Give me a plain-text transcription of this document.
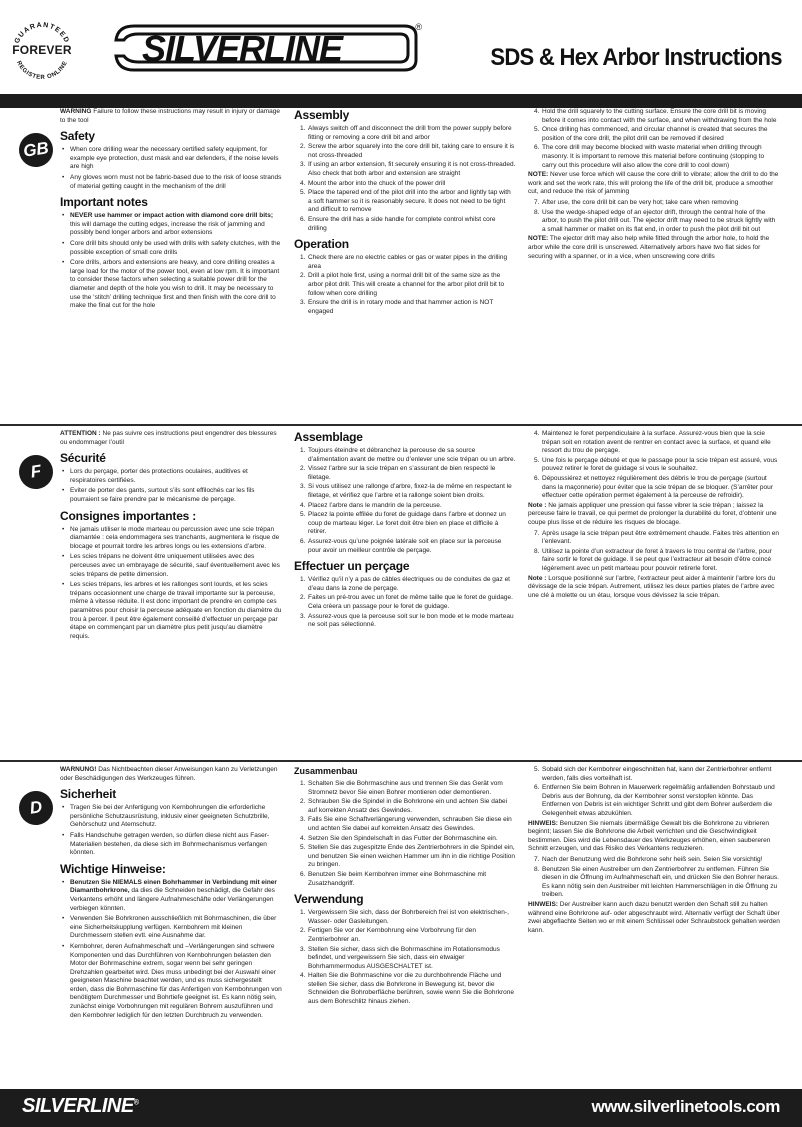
GUARANTEED
REGISTER ONLINE
FOREVER SILVERLINE
®
SDS & Hex Arbor Instructions
GB
WARNING Failure to follow these instructions may result in injury or damage to the tool
Safety
• When core drilling wear the necessary certified safety equipment, for example eye protection, dust mask and ear defenders, if the noise levels are high
• Any gloves worn must not be fabric-based due to the risk of loose strands of material getting caught in the mechanism of the drill
Important notes
• NEVER use hammer or impact action with diamond core drill bits; this will damage the cutting edges, increase the risk of jamming and possibly bend longer arbors and arbor extensions
• Core drill bits should only be used with drills with safety clutches, with the possible exception of small core drills
• Core drills, arbors and extensions are heavy, and core drilling creates a large load for the motor of the power tool, even at low rpm. It is important to consider these factors when selecting a suitable power drill for the diameter and depth of the hole you wish to drill. It may be necessary to use the ‘stitch’ drilling technique first and then finish with the core drill to make the final cut for the hole
Assembly
1. Always switch off and disconnect the drill from the power supply before fitting or removing a core drill bit and arbor
2. Screw the arbor squarely into the core drill bit, taking care to ensure it is not cross-threaded
3. If using an arbor extension, fit securely ensuring it is not cross-threaded. Also check that both arbor and extension are straight
4. Mount the arbor into the chuck of the power drill
5. Place the tapered end of the pilot drill into the arbor and lightly tap with a soft hammer so it is reasonably secure. It does not need to be tight and difficult to remove
6. Ensure the drill has a side handle for complete control whilst core drilling
Operation
1. Check there are no electric cables or gas or water pipes in the drilling area
2. Drill a pilot hole first, using a normal drill bit of the same size as the arbor pilot drill. This will create a channel for the arbor pilot drill bit to follow when core drilling
3. Ensure the drill is in rotary mode and that hammer action is NOT engaged
4. Hold the drill squarely to the cutting surface. Ensure the core drill bit is moving before it comes into contact with the surface, and when withdrawing from the hole
5. Once drilling has commenced, and circular channel is created that secures the position of the core drill, the pilot drill can be removed if desired
6. The core drill may become blocked with waste material when drilling through masonry. It is important to remove this material before continuing (stopping to carry out this procedure will also allow the core drill to cool down)
NOTE: Never use force which will cause the core drill to vibrate; allow the drill to do the work and set the work rate, this will prolong the life of the drill bit, produce a smoother cut, and reduce the risk of jamming
7. After use, the core drill bit can be very hot; take care when removing
8. Use the wedge-shaped edge of an ejector drift, through the central hole of the arbor, to push the pilot drill out. The ejector drift may need to be struck lightly with a small hammer or mallet on its flat end, in order to push the pilot drill bit out
NOTE: The ejector drift may also help while fitted through the arbor hole, to hold the arbor while the core drill is unscrewed. Alternatively arbors have two flat sides for securing with a spanner, or in a vice, when unscrewing core drills
F
ATTENTION : Ne pas suivre ces instructions peut engendrer des blessures ou endommager l’outil
Sécurité
• Lors du perçage, porter des protections oculaires, auditives et respiratoires certifiées.
• Eviter de porter des gants, surtout s’ils sont effilochés car les fils pourraient se faire prendre par le mécanisme de perçage.
Consignes importantes :
• Ne jamais utiliser le mode marteau ou percussion avec une scie trépan diamantée : cela endommagera ses tranchants, augmentera le risque de blocage et pourrait tordre les arbres longs ou les extensions d’arbre.
• Les scies trépans ne doivent être uniquement utilisées avec des perceuses avec un embrayage de sécurité, sauf éventuellement avec les scies trépans de petite dimension.
• Les scies trépans, les arbres et les rallonges sont lourds, et les scies trépans occasionnent une charge de travail importante sur la perceuse, même à vitesse réduite. Il est donc important de prendre en compte ces paramètres pour choisir la perceuse adéquate en fonction du diamètre du trou à percer. Il peut être également conseillé d’effectuer un perçage par étape en commençant par un diamètre plus petit jusqu’au diamètre requis.
Assemblage
1. Toujours éteindre et débranchez la perceuse de sa source d’alimentation avant de mettre ou d’enlever une scie trépan ou un arbre.
2. Vissez l’arbre sur la scie trépan en s’assurant de bien respecté le filetage.
3. Si vous utilisez une rallonge d’arbre, fixez-la de même en respectant le filetage, et vérifiez que l’arbre et la rallonge soient bien droits.
4. Placez l’arbre dans le mandrin de la perceuse.
5. Placez la pointe effilée du foret de guidage dans l’arbre et donnez un coup de marteau léger. Le foret doit être bien en place et difficile à retirer.
6. Assurez-vous qu’une poignée latérale soit en place sur la perceuse pour avoir un meilleur contrôle de perçage.
Effectuer un perçage
1. Vérifiez qu’il n’y a pas de câbles électriques ou de conduites de gaz et d’eau dans la zone de perçage.
2. Faites un pré-trou avec un foret de même taille que le foret de guidage. Cela créera un passage pour le foret de guidage.
3. Assurez-vous que la perceuse soit sur le bon mode et le mode marteau ne soit pas sélectionné.
4. Maintenez le foret perpendiculaire à la surface. Assurez-vous bien que la scie trépan soit en rotation avent de rentrer en contact avec la surface, et quand elle ressort du trou de perçage.
5. Une fois le perçage débuté et que le passage pour la scie trépan est assuré, vous pouvez retirer le foret de guidage si vous le souhaitez.
6. Dépoussiérez et nettoyez régulièrement des débris le trou de perçage (surtout dans la maçonnerie) pour éviter que la scie trépan de se bloquer. (S’arrêter pour effectuer cette opération permet également à la perceuse de refroidir).
Note : Ne jamais appliquer une pression qui fasse vibrer la scie trépan ; laissez la perceuse faire le travail, ce qui permet de prolonger la durabilité du foret, d’obtenir une coupe plus lisse et de réduire les risques de blocage.
7. Après usage la scie trépan peut être extrêmement chaude. Faites très attention en l’enlevant.
8. Utilisez la pointe d’un extracteur de foret à travers le trou central de l’arbre, pour faire sortir le foret de guidage. Il se peut que l’extracteur ait besoin d’être coincé légèrement avec un petit marteau pour pouvoir retirerle foret.
Note : Lorsque positionné sur l’arbre, l’extracteur peut aider à maintenir l’arbre lors du dévissage de la scie trépan. Autrement, utilisez les deux parties plates de l’arbre avec une clé à molette ou un étau, lorsque vous dévissez la scie trépan.
D
WARNUNG! Das Nichtbeachten dieser Anweisungen kann zu Verletzungen oder Beschädigungen des Werkzeuges führen.
Sicherheit
• Tragen Sie bei der Anfertigung von Kernbohrungen die erforderliche persönliche Schutzausrüstung, inklusiv einer geeigneten Schutzbrille, Gehörschutz und Atemschutz.
• Falls Handschuhe getragen werden, so dürfen diese nicht aus Faser-Materialien bestehen, da diese sich im Bohrmechanismus verfangen könnten.
Wichtige Hinweise:
• Benutzen Sie NIEMALS einen Bohrhammer in Verbindung mit einer Diamantbohrkrone, da dies die Schneiden beschädigt, die Gefahr des Verkantens erhöht und längere Aufnahmeschäfte oder Verlängerungen verbiegen könnten.
• Verwenden Sie Bohrkronen ausschließlich mit Bohrmaschinen, die über eine Sicherheitskupplung verfügen. Kernbohrern mit kleinen Durchmessern stellen evtl. eine Ausnahme dar.
• Kernbohrer, deren Aufnahmeschaft und –Verlängerungen sind schwere Komponenten und das Durchführen von Kernbohrungen belasten den Motor der Bohrmaschine extrem, sogar wenn bei sehr geringen Drehzahlen gearbeitet wird. Dies muss unbedingt bei der Auswahl einer geeigneten Maschine beachtet werden, und es muss sichergestellt erden, dass die Bohrmaschine für das Anfertigen von Kernbohrungen von benötigtem Durchmesser und Bohrtiefe geeignet ist. Es kann nötig sein, zunächst einige Vorbohrungen mit regulären Bohrern auszuführen und den Kernbohrer lediglich für den letzten Durchbruch zu verwenden.
Zusammenbau
1. Schalten Sie die Bohrmaschine aus und trennen Sie das Gerät vom Stromnetz bevor Sie einen Bohrer montieren oder demontieren.
2. Schrauben Sie die Spindel in die Bohrkrone ein und achten Sie dabei auf korrekten Ansatz des Gewindes.
3. Falls Sie eine Schaftverlängerung verwenden, schrauben Sie diese ein und achten Sie dabei auf korrekten Ansatz des Gewindes.
4. Setzen Sie den Spindelschaft in das Futter der Bohrmaschine ein.
5. Stellen Sie das zugespitzte Ende des Zentrierbohrers in die Spindel ein, und benutzen Sie einen weichen Hammer um ihn in die richtige Position zu bringen.
6. Benutzen Sie beim Kernbohren immer eine Bohrmaschine mit Zusatzhandgriff.
Verwendung
1. Vergewissern Sie sich, dass der Bohrbereich frei ist von elektrischen-, Wasser- oder Gasleitungen.
2. Fertigen Sie vor der Kernbohrung eine Vorbohrung für den Zentrierbohrer an.
3. Stellen Sie sicher, dass sich die Bohrmaschine im Rotationsmodus befindet, und vergewissern Sie sich, dass ein etwaiger Bohrhammermodus AUSGESCHALTET ist.
4. Halten Sie die Bohrmaschine vor die zu durchbohrende Fläche und stellen Sie sicher, dass die Bohrkrone in Bewegung ist, bevor die Schneiden die Bohroberfläche berühren, sowie wenn Sie die Bohrkrone aus dem Bohrschlitz hinaus ziehen.
5. Sobald sich der Kernbohrer eingeschnitten hat, kann der Zentrierbohrer entfernt werden, falls dies vorteilhaft ist.
6. Entfernen Sie beim Bohren in Mauerwerk regelmäßig anfallenden Bohrstaub und Debris aus der Bohrung, da der Kernbohrer sonst verstopfen könnte. Das Entfernen von Debris ist ein wichtiger Schritt und gibt dem Bohrer außerdem die Gelegenheit etwas abzukühlen.
HINWEIS: Benutzen Sie niemals übermäßige Gewalt bis die Bohrkrone zu vibrieren beginnt; lassen Sie die Bohrkrone die Arbeit verrichten und die Geschwindigkeit bestimmen. Dies wird die Lebensdauer des Werkzeuges erhöhen, einen saubereren Schnitt erzeugen, und das Risiko des Verkantens reduzieren.
7. Nach der Benutzung wird die Bohrkrone sehr heiß sein. Seien Sie vorsichtig!
8. Benutzen Sie einen Austreiber um den Zentrierbohrer zu entfernen. Führen Sie diesen in die Öffnung im Aufnahmeschaft ein, und drücken Sie den Bohrer heraus. Es kann nötig sein den Austreiber mit leichten Hammerschlägen in die Öffnung zu treiben.
HINWEIS: Der Austreiber kann auch dazu benutzt werden den Schaft still zu halten während eine Bohrkrone auf- oder abgeschraubt wird. Alternativ verfügt der Schaft über zwei abgeflachte Seiten wo er mit einem Schlüssel oder Schraubstock gehalten werden kann.
SILVERLINE®	www.silverlinetools.com
